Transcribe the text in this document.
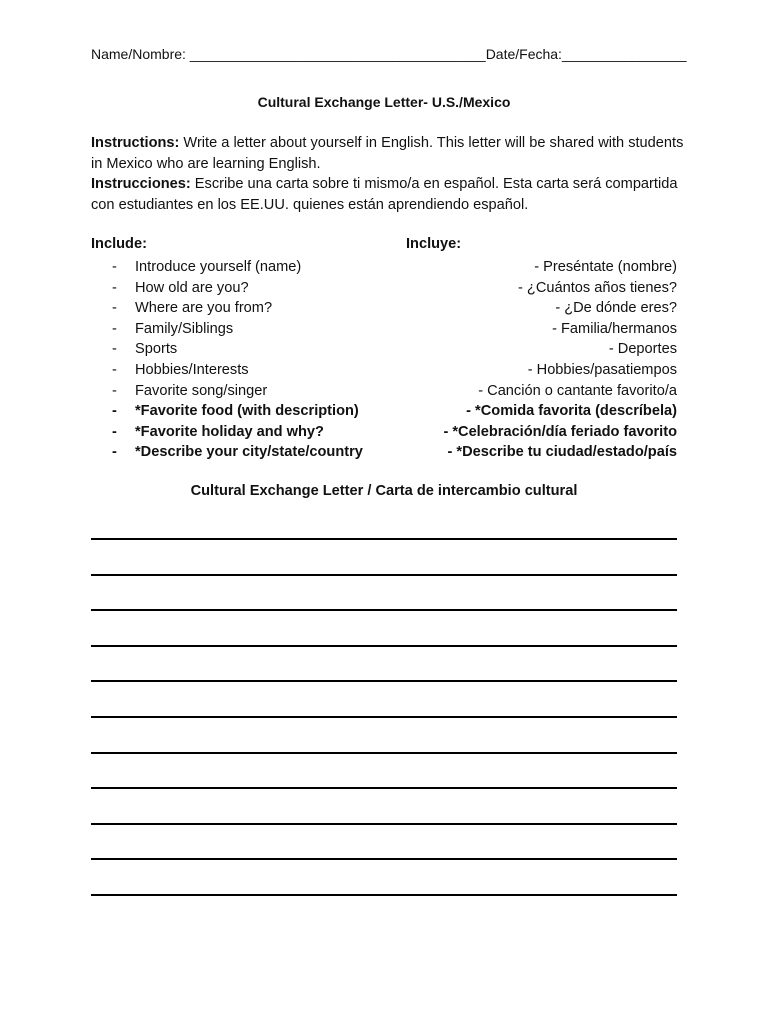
Name/Nombre: ______________________________________Date/Fecha:________________
Cultural Exchange Letter- U.S./Mexico
Instructions: Write a letter about yourself in English. This letter will be shared with students in Mexico who are learning English.
Instrucciones: Escribe una carta sobre ti mismo/a en español. Esta carta será compartida con estudiantes en los EE.UU. quienes están aprendiendo español.
Include:	Incluye:
- Introduce yourself (name)
- How old are you?
- Where are you from?
- Family/Siblings
- Sports
- Hobbies/Interests
- Favorite song/singer
- *Favorite food (with description)
- *Favorite holiday and why?
- *Describe your city/state/country
- Preséntate (nombre)
- ¿Cuántos años tienes?
- ¿De dónde eres?
- Familia/hermanos
- Deportes
- Hobbies/pasatiempos
- Canción o cantante favorito/a
- *Comida favorita (descríbela)
- *Celebración/día feriado favorito
- *Describe tu ciudad/estado/país
Cultural Exchange Letter / Carta de intercambio cultural
